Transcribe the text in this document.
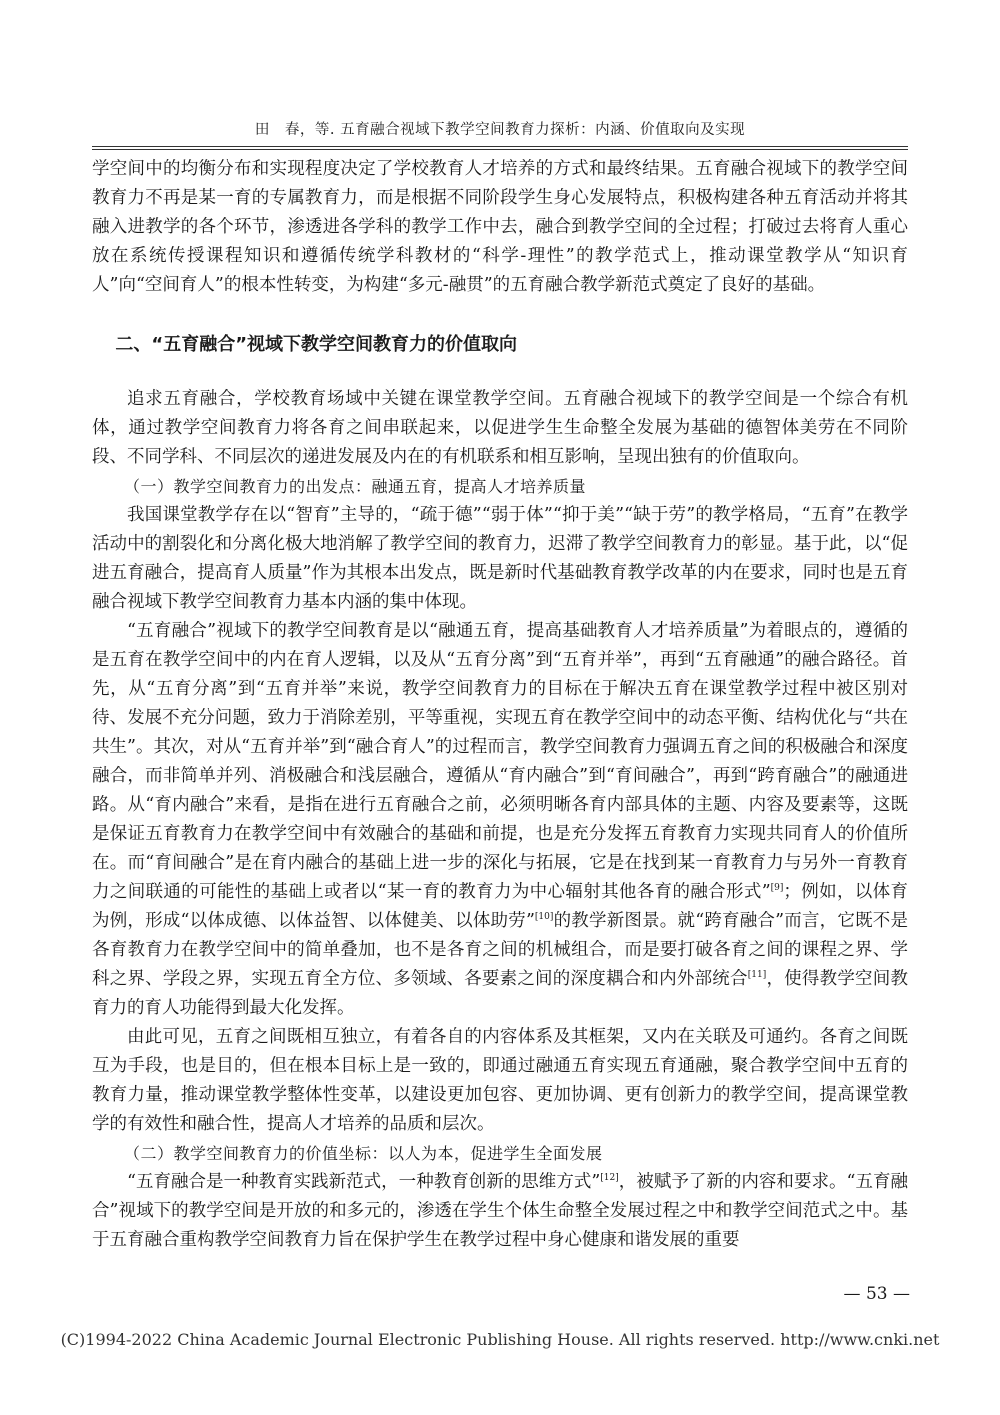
田　春，等. 五育融合视域下教学空间教育力探析：内涵、价值取向及实现

学空间中的均衡分布和实现程度决定了学校教育人才培养的方式和最终结果。五育融合视域下的教学空间教育力不再是某一育的专属教育力，而是根据不同阶段学生身心发展特点，积极构建各种五育活动并将其融入进教学的各个环节，渗透进各学科的教学工作中去，融合到教学空间的全过程；打破过去将育人重心放在系统传授课程知识和遵循传统学科教材的“科学-理性”的教学范式上，推动课堂教学从“知识育人”向“空间育人”的根本性转变，为构建“多元-融贯”的五育融合教学新范式奠定了良好的基础。

二、“五育融合”视域下教学空间教育力的价值取向

追求五育融合，学校教育场域中关键在课堂教学空间。五育融合视域下的教学空间是一个综合有机体，通过教学空间教育力将各育之间串联起来，以促进学生生命整全发展为基础的德智体美劳在不同阶段、不同学科、不同层次的递进发展及内在的有机联系和相互影响，呈现出独有的价值取向。

（一）教学空间教育力的出发点：融通五育，提高人才培养质量

我国课堂教学存在以“智育”主导的，“疏于德”“弱于体”“抑于美”“缺于劳”的教学格局，“五育”在教学活动中的割裂化和分离化极大地消解了教学空间的教育力，迟滞了教学空间教育力的彰显。基于此，以“促进五育融合，提高育人质量”作为其根本出发点，既是新时代基础教育教学改革的内在要求，同时也是五育融合视域下教学空间教育力基本内涵的集中体现。

“五育融合”视域下的教学空间教育是以“融通五育，提高基础教育人才培养质量”为着眼点的，遵循的是五育在教学空间中的内在育人逻辑，以及从“五育分离”到“五育并举”，再到“五育融通”的融合路径。首先，从“五育分离”到“五育并举”来说，教学空间教育力的目标在于解决五育在课堂教学过程中被区别对待、发展不充分问题，致力于消除差别，平等重视，实现五育在教学空间中的动态平衡、结构优化与“共在共生”。其次，对从“五育并举”到“融合育人”的过程而言，教学空间教育力强调五育之间的积极融合和深度融合，而非简单并列、消极融合和浅层融合，遵循从“育内融合”到“育间融合”，再到“跨育融合”的融通进路。从“育内融合”来看，是指在进行五育融合之前，必须明晰各育内部具体的主题、内容及要素等，这既是保证五育教育力在教学空间中有效融合的基础和前提，也是充分发挥五育教育力实现共同育人的价值所在。而“育间融合”是在育内融合的基础上进一步的深化与拓展，它是在找到某一育教育力与另外一育教育力之间联通的可能性的基础上或者以“某一育的教育力为中心辐射其他各育的融合形式”[9]；例如，以体育为例，形成“以体成德、以体益智、以体健美、以体助劳”[10]的教学新图景。就“跨育融合”而言，它既不是各育教育力在教学空间中的简单叠加，也不是各育之间的机械组合，而是要打破各育之间的课程之界、学科之界、学段之界，实现五育全方位、多领域、各要素之间的深度耦合和内外部统合[11]，使得教学空间教育力的育人功能得到最大化发挥。

由此可见，五育之间既相互独立，有着各自的内容体系及其框架，又内在关联及可通约。各育之间既互为手段，也是目的，但在根本目标上是一致的，即通过融通五育实现五育通融，聚合教学空间中五育的教育力量，推动课堂教学整体性变革，以建设更加包容、更加协调、更有创新力的教学空间，提高课堂教学的有效性和融合性，提高人才培养的品质和层次。

（二）教学空间教育力的价值坐标：以人为本，促进学生全面发展

“五育融合是一种教育实践新范式，一种教育创新的思维方式”[12]，被赋予了新的内容和要求。“五育融合”视域下的教学空间是开放的和多元的，渗透在学生个体生命整全发展过程之中和教学空间范式之中。基于五育融合重构教学空间教育力旨在保护学生在教学过程中身心健康和谐发展的重要

— 53 —
(C)1994-2022 China Academic Journal Electronic Publishing House. All rights reserved. http://www.cnki.net
